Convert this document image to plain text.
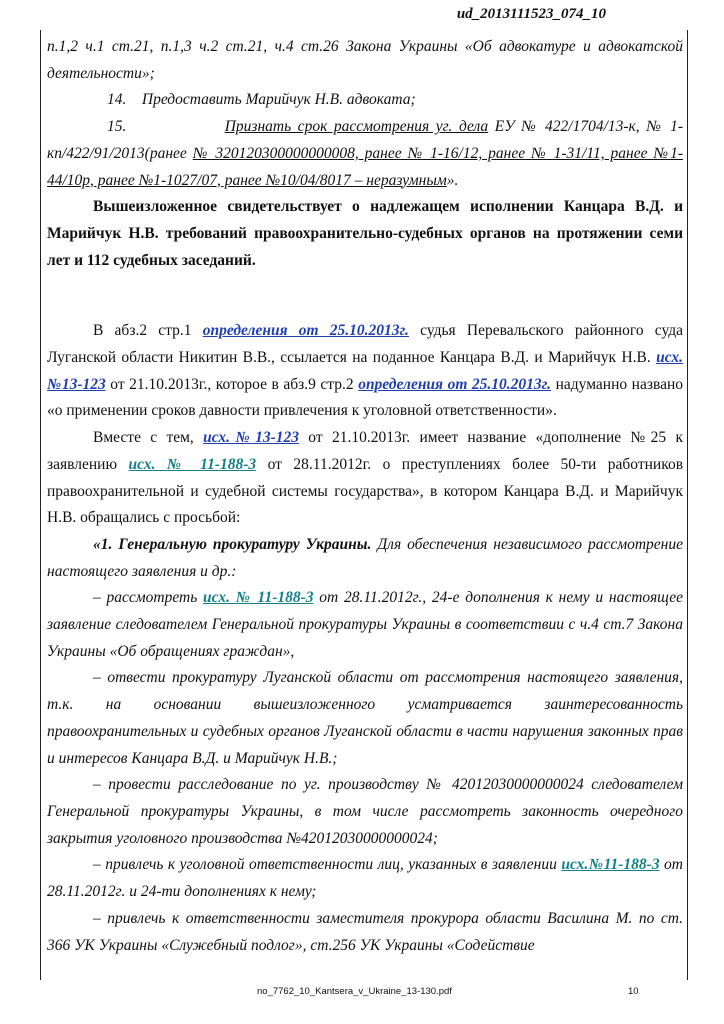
ud_2013111523_074_10

п.1,2 ч.1 ст.21, п.1,3 ч.2 ст.21, ч.4 ст.26 Закона Украины «Об адвокатуре и адвокатской деятельности»;

14. Предоставить Марийчук Н.В. адвоката;

15.	Признать срок рассмотрения уг. дела ЕУ № 422/1704/13-к, № 1-кп/422/91/2013(ранее № 320120300000000008, ранее № 1-16/12, ранее № 1-31/11, ранее №1-44/10р, ранее №1-1027/07, ранее №10/04/8017 – неразумным».

Вышеизложенное свидетельствует о надлежащем исполнении Канцара В.Д. и Марийчук Н.В. требований правоохранительно-судебных органов на протяжении семи лет и 112 судебных заседаний.

В абз.2 стр.1 определения от 25.10.2013г. судья Перевальского районного суда Луганской области Никитин В.В., ссылается на поданное Канцара В.Д. и Марийчук Н.В. исх.№13-123 от 21.10.2013г., которое в абз.9 стр.2 определения от 25.10.2013г. надуманно названо «о применении сроков давности привлечения к уголовной ответственности».

Вместе с тем, исх.№13-123 от 21.10.2013г. имеет название «дополнение №25 к заявлению исх. № 11-188-3 от 28.11.2012г. о преступлениях более 50-ти работников правоохранительной и судебной системы государства», в котором Канцара В.Д. и Марийчук Н.В. обращались с просьбой:

«1. Генеральную прокуратуру Украины. Для обеспечения независимого рассмотрение настоящего заявления и др.:

– рассмотреть исх. № 11-188-3 от 28.11.2012г., 24-е дополнения к нему и настоящее заявление следователем Генеральной прокуратуры Украины в соответствии с ч.4 ст.7 Закона Украины «Об обращениях граждан»,

– отвести прокуратуру Луганской области от рассмотрения настоящего заявления, т.к. на основании вышеизложенного усматривается заинтересованность правоохранительных и судебных органов Луганской области в части нарушения законных прав и интересов Канцара В.Д. и Марийчук Н.В.;

– провести расследование по уг. производству № 42012030000000024 следователем Генеральной прокуратуры Украины, в том числе рассмотреть законность очередного закрытия уголовного производства №42012030000000024;

– привлечь к уголовной ответственности лиц, указанных в заявлении исх.№11-188-3 от 28.11.2012г. и 24-ти дополнениях к нему;

– привлечь к ответственности заместителя прокурора области Василина М. по ст. 366 УК Украины «Служебный подлог», ст.256 УК Украины «Содействие

no_7762_10_Kantsera_v_Ukraine_13-130.pdf	10
